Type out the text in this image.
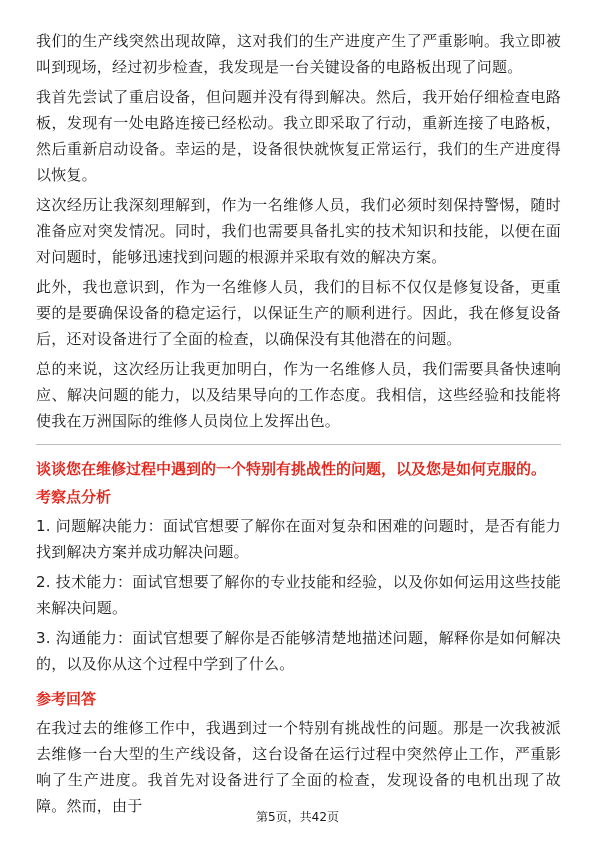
我们的生产线突然出现故障，这对我们的生产进度产生了严重影响。我立即被叫到现场，经过初步检查，我发现是一台关键设备的电路板出现了问题。

我首先尝试了重启设备，但问题并没有得到解决。然后，我开始仔细检查电路板，发现有一处电路连接已经松动。我立即采取了行动，重新连接了电路板，然后重新启动设备。幸运的是，设备很快就恢复正常运行，我们的生产进度得以恢复。

这次经历让我深刻理解到，作为一名维修人员，我们必须时刻保持警惕，随时准备应对突发情况。同时，我们也需要具备扎实的技术知识和技能，以便在面对问题时，能够迅速找到问题的根源并采取有效的解决方案。

此外，我也意识到，作为一名维修人员，我们的目标不仅仅是修复设备，更重要的是要确保设备的稳定运行，以保证生产的顺利进行。因此，我在修复设备后，还对设备进行了全面的检查，以确保没有其他潜在的问题。

总的来说，这次经历让我更加明白，作为一名维修人员，我们需要具备快速响应、解决问题的能力，以及结果导向的工作态度。我相信，这些经验和技能将使我在万洲国际的维修人员岗位上发挥出色。

谈谈您在维修过程中遇到的一个特别有挑战性的问题，以及您是如何克服的。

考察点分析

1. 问题解决能力：面试官想要了解你在面对复杂和困难的问题时，是否有能力找到解决方案并成功解决问题。

2. 技术能力：面试官想要了解你的专业技能和经验，以及你如何运用这些技能来解决问题。

3. 沟通能力：面试官想要了解你是否能够清楚地描述问题，解释你是如何解决的，以及你从这个过程中学到了什么。

参考回答

在我过去的维修工作中，我遇到过一个特别有挑战性的问题。那是一次我被派去维修一台大型的生产线设备，这台设备在运行过程中突然停止工作，严重影响了生产进度。我首先对设备进行了全面的检查，发现设备的电机出现了故障。然而，由于

第5页，共42页
